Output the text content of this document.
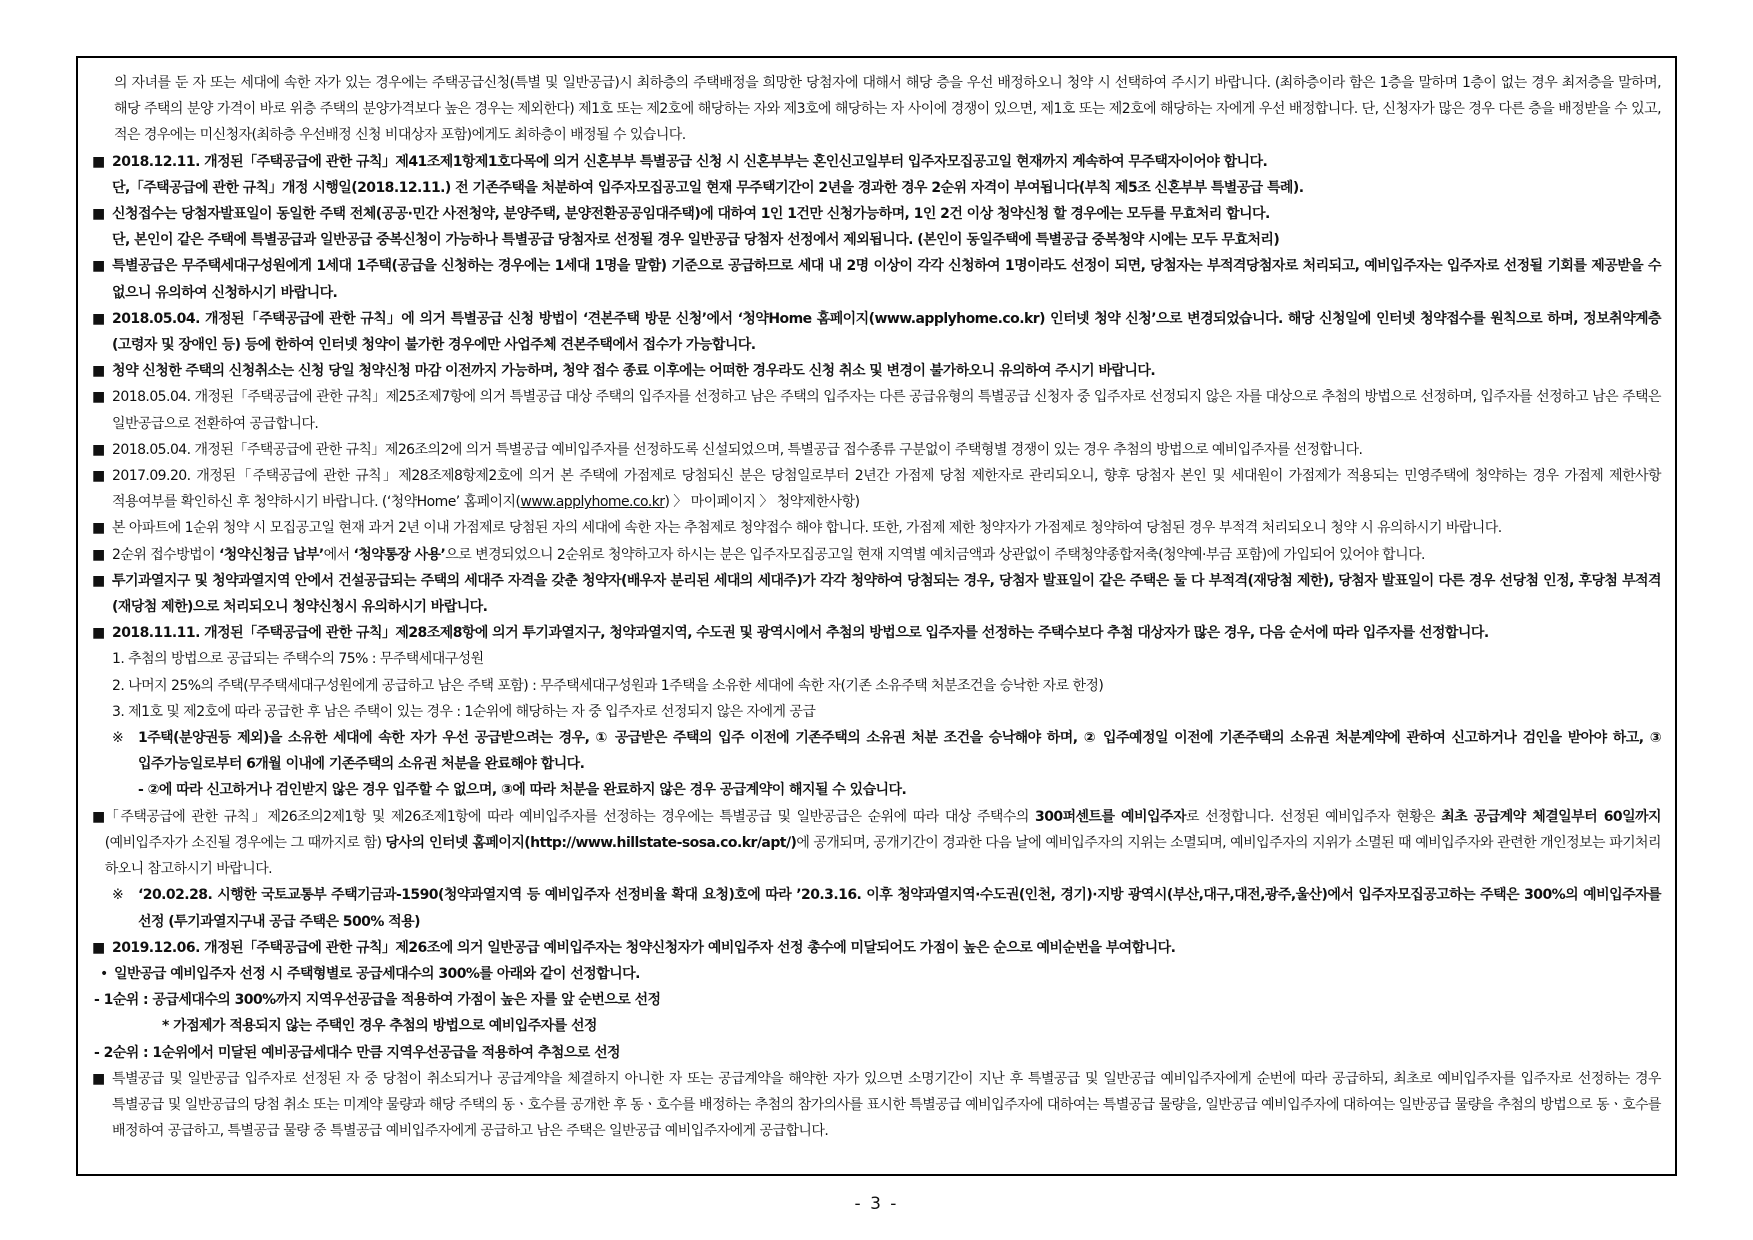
의 자녀를 둔 자 또는 세대에 속한 자가 있는 경우에는 주택공급신청(특별 및 일반공급)시 최하층의 주택배정을 희망한 당첨자에 대해서 해당 층을 우선 배정하오니 청약 시 선택하여 주시기 바랍니다. (최하층이라 함은 1층을 말하며 1층이 없는 경우 최저층을 말하며, 해당 주택의 분양 가격이 바로 위층 주택의 분양가격보다 높은 경우는 제외한다) 제1호 또는 제2호에 해당하는 자와 제3호에 해당하는 자 사이에 경쟁이 있으면, 제1호 또는 제2호에 해당하는 자에게 우선 배정합니다. 단, 신청자가 많은 경우 다른 층을 배정받을 수 있고, 적은 경우에는 미신청자(최하층 우선배정 신청 비대상자 포함)에게도 최하층이 배정될 수 있습니다.
■ 2018.12.11. 개정된「주택공급에 관한 규칙」제41조제1항제1호다목에 의거 신혼부부 특별공급 신청 시 신혼부부는 혼인신고일부터 입주자모집공고일 현재까지 계속하여 무주택자이어야 합니다.
단,「주택공급에 관한 규칙」개정 시행일(2018.12.11.) 전 기존주택을 처분하여 입주자모집공고일 현재 무주택기간이 2년을 경과한 경우 2순위 자격이 부여됩니다(부칙 제5조 신혼부부 특별공급 특례).
■ 신청접수는 당첨자발표일이 동일한 주택 전체(공공·민간 사전청약, 분양주택, 분양전환공공임대주택)에 대하여 1인 1건만 신청가능하며, 1인 2건 이상 청약신청 할 경우에는 모두를 무효처리 합니다.
단, 본인이 같은 주택에 특별공급과 일반공급 중복신청이 가능하나 특별공급 당첨자로 선정될 경우 일반공급 당첨자 선정에서 제외됩니다. (본인이 동일주택에 특별공급 중복청약 시에는 모두 무효처리)
■ 특별공급은 무주택세대구성원에게 1세대 1주택(공급을 신청하는 경우에는 1세대 1명을 말함) 기준으로 공급하므로 세대 내 2명 이상이 각각 신청하여 1명이라도 선정이 되면, 당첨자는 부적격당첨자로 처리되고, 예비입주자는 입주자로 선정될 기회를 제공받을 수 없으니 유의하여 신청하시기 바랍니다.
■ 2018.05.04. 개정된「주택공급에 관한 규칙」에 의거 특별공급 신청 방법이 ‘견본주택 방문 신청’에서 ‘청약Home 홈페이지(www.applyhome.co.kr) 인터넷 청약 신청’으로 변경되었습니다. 해당 신청일에 인터넷 청약접수를 원칙으로 하며, 정보취약계층(고령자 및 장애인 등) 등에 한하여 인터넷 청약이 불가한 경우에만 사업주체 견본주택에서 접수가 가능합니다.
■ 청약 신청한 주택의 신청취소는 신청 당일 청약신청 마감 이전까지 가능하며, 청약 접수 종료 이후에는 어떠한 경우라도 신청 취소 및 변경이 불가하오니 유의하여 주시기 바랍니다.
■ 2018.05.04. 개정된「주택공급에 관한 규칙」제25조제7항에 의거 특별공급 대상 주택의 입주자를 선정하고 남은 주택의 입주자는 다른 공급유형의 특별공급 신청자 중 입주자로 선정되지 않은 자를 대상으로 추첨의 방법으로 선정하며, 입주자를 선정하고 남은 주택은 일반공급으로 전환하여 공급합니다.
■ 2018.05.04. 개정된「주택공급에 관한 규칙」제26조의2에 의거 특별공급 예비입주자를 선정하도록 신설되었으며, 특별공급 접수종류 구분없이 주택형별 경쟁이 있는 경우 추첨의 방법으로 예비입주자를 선정합니다.
■ 2017.09.20. 개정된「주택공급에 관한 규칙」제28조제8항제2호에 의거 본 주택에 가점제로 당첨되신 분은 당첨일로부터 2년간 가점제 당첨 제한자로 관리되오니, 향후 당첨자 본인 및 세대원이 가점제가 적용되는 민영주택에 청약하는 경우 가점제 제한사항 적용여부를 확인하신 후 청약하시기 바랍니다. (‘청약Home’ 홈페이지(www.applyhome.co.kr) 〉 마이페이지 〉 청약제한사항)
■ 본 아파트에 1순위 청약 시 모집공고일 현재 과거 2년 이내 가점제로 당첨된 자의 세대에 속한 자는 추첨제로 청약접수 해야 합니다. 또한, 가점제 제한 청약자가 가점제로 청약하여 당첨된 경우 부적격 처리되오니 청약 시 유의하시기 바랍니다.
■ 2순위 접수방법이 ‘청약신청금 납부’에서 ‘청약통장 사용’으로 변경되었으니 2순위로 청약하고자 하시는 분은 입주자모집공고일 현재 지역별 예치금액과 상관없이 주택청약종합저축(청약예·부금 포함)에 가입되어 있어야 합니다.
■ 투기과열지구 및 청약과열지역 안에서 건설공급되는 주택의 세대주 자격을 갖춘 청약자(배우자 분리된 세대의 세대주)가 각각 청약하여 당첨되는 경우, 당첨자 발표일이 같은 주택은 둘 다 부적격(재당첨 제한), 당첨자 발표일이 다른 경우 선당첨 인정, 후당첨 부적격(재당첨 제한)으로 처리되오니 청약신청시 유의하시기 바랍니다.
■ 2018.11.11. 개정된「주택공급에 관한 규칙」제28조제8항에 의거 투기과열지구, 청약과열지역, 수도권 및 광역시에서 추첨의 방법으로 입주자를 선정하는 주택수보다 추첨 대상자가 많은 경우, 다음 순서에 따라 입주자를 선정합니다.
1. 추첨의 방법으로 공급되는 주택수의 75% : 무주택세대구성원
2. 나머지 25%의 주택(무주택세대구성원에게 공급하고 남은 주택 포함) : 무주택세대구성원과 1주택을 소유한 세대에 속한 자(기존 소유주택 처분조건을 승낙한 자로 한정)
3. 제1호 및 제2호에 따라 공급한 후 남은 주택이 있는 경우 : 1순위에 해당하는 자 중 입주자로 선정되지 않은 자에게 공급
※	1주택(분양권등 제외)을 소유한 세대에 속한 자가 우선 공급받으려는 경우, ① 공급받은 주택의 입주 이전에 기존주택의 소유권 처분 조건을 승낙해야 하며, ② 입주예정일 이전에 기존주택의 소유권 처분계약에 관하여 신고하거나 검인을 받아야 하고, ③ 입주가능일로부터 6개월 이내에 기존주택의 소유권 처분을 완료해야 합니다.
- ②에 따라 신고하거나 검인받지 않은 경우 입주할 수 없으며, ③에 따라 처분을 완료하지 않은 경우 공급계약이 해지될 수 있습니다.
■ 「주택공급에 관한 규칙」제26조의2제1항 및 제26조제1항에 따라 예비입주자를 선정하는 경우에는 특별공급 및 일반공급은 순위에 따라 대상 주택수의 300퍼센트를 예비입주자로 선정합니다. 선정된 예비입주자 현황은 최초 공급계약 체결일부터 60일까지(예비입주자가 소진될 경우에는 그 때까지로 함) 당사의 인터넷 홈페이지(http://www.hillstate-sosa.co.kr/apt/)에 공개되며, 공개기간이 경과한 다음 날에 예비입주자의 지위는 소멸되며, 예비입주자의 지위가 소멸된 때 예비입주자와 관련한 개인정보는 파기처리 하오니 참고하시기 바랍니다.
※	‘20.02.28. 시행한 국토교통부 주택기금과-1590(청약과열지역 등 예비입주자 선정비율 확대 요청)호에 따라 ’20.3.16. 이후 청약과열지역·수도권(인천, 경기)·지방 광역시(부산,대구,대전,광주,울산)에서 입주자모집공고하는 주택은 300%의 예비입주자를 선정 (투기과열지구내 공급 주택은 500% 적용)
■ 2019.12.06. 개정된「주택공급에 관한 규칙」제26조에 의거 일반공급 예비입주자는 청약신청자가 예비입주자 선정 총수에 미달되어도 가점이 높은 순으로 예비순번을 부여합니다.
• 일반공급 예비입주자 선정 시 주택형별로 공급세대수의 300%를 아래와 같이 선정합니다.
- 1순위 : 공급세대수의 300%까지 지역우선공급을 적용하여 가점이 높은 자를 앞 순번으로 선정
* 가점제가 적용되지 않는 주택인 경우 추첨의 방법으로 예비입주자를 선정
- 2순위 : 1순위에서 미달된 예비공급세대수 만큼 지역우선공급을 적용하여 추첨으로 선정
■ 특별공급 및 일반공급 입주자로 선정된 자 중 당첨이 취소되거나 공급계약을 체결하지 아니한 자 또는 공급계약을 해약한 자가 있으면 소명기간이 지난 후 특별공급 및 일반공급 예비입주자에게 순번에 따라 공급하되, 최초로 예비입주자를 입주자로 선정하는 경우 특별공급 및 일반공급의 당첨 취소 또는 미계약 물량과 해당 주택의 동ㆍ호수를 공개한 후 동ㆍ호수를 배정하는 추첨의 참가의사를 표시한 특별공급 예비입주자에 대하여는 특별공급 물량을, 일반공급 예비입주자에 대하여는 일반공급 물량을 추첨의 방법으로 동ㆍ호수를 배정하여 공급하고, 특별공급 물량 중 특별공급 예비입주자에게 공급하고 남은 주택은 일반공급 예비입주자에게 공급합니다.
- 3 -
